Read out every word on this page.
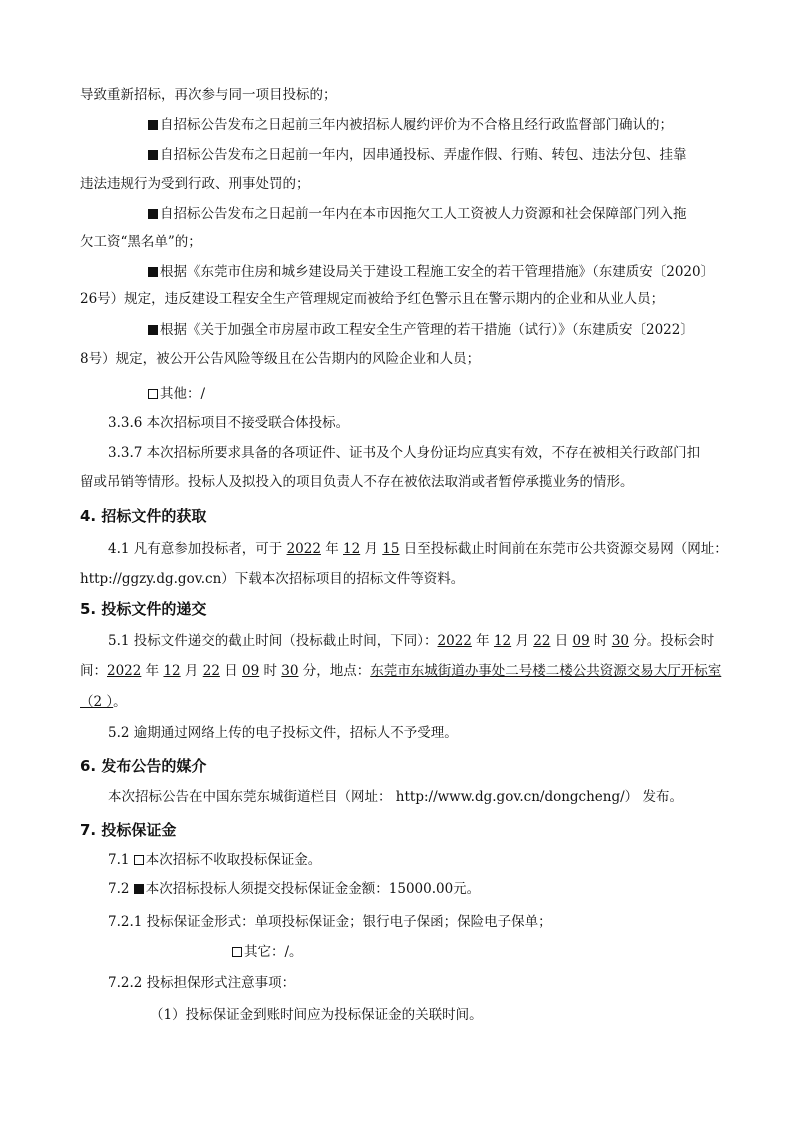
导致重新招标，再次参与同一项目投标的；
自招标公告发布之日起前三年内被招标人履约评价为不合格且经行政监督部门确认的；
自招标公告发布之日起前一年内，因串通投标、弄虚作假、行贿、转包、违法分包、挂靠
违法违规行为受到行政、刑事处罚的；
自招标公告发布之日起前一年内在本市因拖欠工人工资被人力资源和社会保障部门列入拖
欠工资“黑名单”的；
根据《东莞市住房和城乡建设局关于建设工程施工安全的若干管理措施》（东建质安〔2020〕
26号）规定，违反建设工程安全生产管理规定而被给予红色警示且在警示期内的企业和从业人员；
根据《关于加强全市房屋市政工程安全生产管理的若干措施（试行）》（东建质安〔2022〕
8号）规定，被公开公告风险等级且在公告期内的风险企业和人员；
其他：/
3.3.6 本次招标项目不接受联合体投标。
3.3.7 本次招标所要求具备的各项证件、证书及个人身份证均应真实有效，不存在被相关行政部门扣
留或吊销等情形。投标人及拟投入的项目负责人不存在被依法取消或者暂停承揽业务的情形。
4. 招标文件的获取
4.1 凡有意参加投标者，可于 2022 年 12 月 15 日至投标截止时间前在东莞市公共资源交易网（网址：
http://ggzy.dg.gov.cn）下载本次招标项目的招标文件等资料。
5. 投标文件的递交
5.1 投标文件递交的截止时间（投标截止时间，下同）：2022 年 12 月 22 日 09 时 30 分。投标会时
间：2022 年 12 月 22 日 09 时 30 分，地点：东莞市东城街道办事处二号楼二楼公共资源交易大厅开标室
（2 ）。
5.2 逾期通过网络上传的电子投标文件，招标人不予受理。
6. 发布公告的媒介
本次招标公告在中国东莞东城街道栏目（网址： http://www.dg.gov.cn/dongcheng/） 发布。
7. 投标保证金
7.1 本次招标不收取投标保证金。
7.2 本次招标投标人须提交投标保证金金额：15000.00元。
7.2.1 投标保证金形式：单项投标保证金；银行电子保函；保险电子保单；
其它：/。
7.2.2 投标担保形式注意事项：
（1）投标保证金到账时间应为投标保证金的关联时间。
